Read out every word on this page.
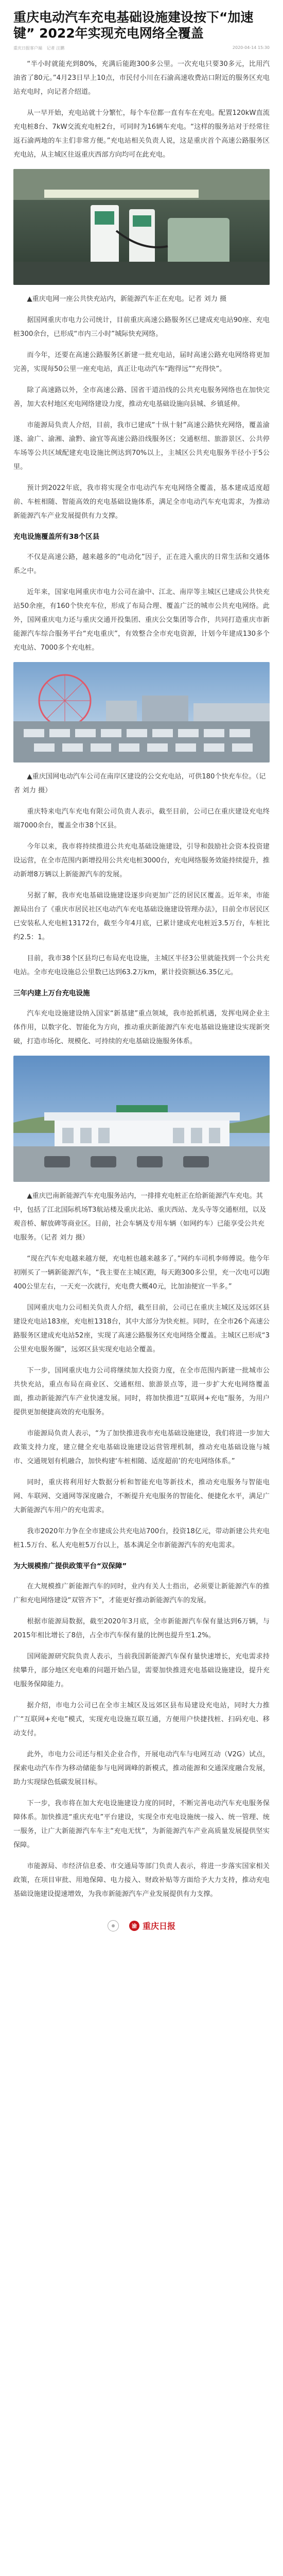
重庆电动汽车充电基础设施建设按下“加速键” 2022年实现充电网络全覆盖
重庆日报客户端 记者 汪鹏	2020-04-14 15:30

“半小时就能充到80%，充满后能跑300多公里。一次充电只要30多元，比用汽油省了80元。”4月23日早上10点，市民付小川在石渝高速收费站口附近的服务区充电站充电时，向记者介绍道。

从一早开始，充电站就十分繁忙，每个车位都一直有车在充电。配置120kW直流充电桩8台、7kW交流充电桩2台，可同时为16辆车充电。“这样的服务站对于经常往返石渝两地的车主们非常方便。”充电站相关负责人说，这是重庆首个高速公路服务区充电站，从主城区往返重庆西部方向均可在此充电。

▲重庆电网一座公共快充站内，新能源汽车正在充电。记者 刘力 摄

据国网重庆市电力公司统计，目前重庆高速公路服务区已建成充电站90座、充电桩300余台，已形成“市内三小时”城际快充网络。

而今年，还要在高速公路服务区新建一批充电站，届时高速公路充电网络将更加完善，实现每50公里一座充电站，真正让电动汽车“跑得远”“充得快”。

除了高速路以外，全市高速公路、国省干道沿线的公共充电服务网络也在加快完善，加大农村地区充电网络建设力度，推动充电基础设施向县城、乡镇延伸。

市能源局负责人介绍，目前，我市已建成“十纵十射”高速公路快充网络，覆盖渝遂、渝广、渝湘、渝黔、渝宜等高速公路沿线服务区；交通枢纽、旅游景区、公共停车场等公共区域配建充电设施比例达到70%以上，主城区公共充电服务半径小于5公里。

预计到2022年底，我市将实现全市电动汽车充电网络全覆盖，基本建成适度超前、车桩相随、智能高效的充电基础设施体系，满足全市电动汽车充电需求，为推动新能源汽车产业发展提供有力支撑。

充电设施覆盖所有38个区县

不仅是高速公路，越来越多的“电动化”因子，正在进入重庆的日常生活和交通体系之中。

近年来，国家电网重庆市电力公司在渝中、江北、南岸等主城区已建成公共快充站50余座，有160个快充车位，形成了布局合理、覆盖广泛的城市公共充电网络。此外，国网重庆电力还与重庆交通开投集团、重庆公交集团等合作，共同打造重庆市新能源汽车综合服务平台“充电重庆”，有效整合全市充电资源，计划今年建成130多个充电站、7000多个充电桩。

▲重庆国网电动汽车公司在南岸区建设的公交充电站，可供180个快充车位。（记者 刘力 摄）

重庆特来电汽车充电有限公司负责人表示，截至目前，公司已在重庆建设充电终端7000余台，覆盖全市38个区县。

今年以来，我市将持续推进公共充电基础设施建设，引导和鼓励社会资本投资建设运营，在全市范围内新增投用公共充电桩3000台，充电网络服务效能持续提升，推动新增8万辆以上新能源汽车的发展。

另据了解，我市充电基础设施建设逐步向更加广泛的居民区覆盖。近年来，市能源局出台了《重庆市居民社区电动汽车充电基础设施建设管理办法》，目前全市居民区已安装私人充电桩13172台，截至今年4月底，已累计建成充电桩近3.5万台，车桩比约2.5：1。

目前，我市38个区县均已布局充电设施，主城区半径3公里就能找到一个公共充电站。全市充电设施总公里数已达到63.2万km，累计投资额达6.35亿元。

三年内建上万台充电设施

汽车充电设施建设纳入国家“新基建”重点领域，我市抢抓机遇，发挥电网企业主体作用，以数字化、智能化为方向，推动重庆新能源汽车充电基础设施建设实现新突破，打造市场化、规模化、可持续的充电基础设施服务体系。

▲重庆巴南新能源汽车充电服务站内，一排排充电桩正在给新能源汽车充电。其中，包括了江北国际机场T3航站楼及重庆北站、重庆西站、龙头寺等交通枢纽，以及观音桥、解放碑等商业区。目前，社会车辆及专用车辆（如网约车）已能享受公共充电服务。（记者 刘力 摄）

“现在汽车充电越来越方便，充电桩也越来越多了。”网约车司机李师傅说。他今年初刚买了一辆新能源汽车，“我主要在主城区跑，每天跑300多公里，充一次电可以跑400公里左右，一天充一次就行，充电费大概40元，比加油便宜一半多。”

国网重庆电力公司相关负责人介绍，截至目前，公司已在重庆主城区及远郊区县建设充电站183座，充电桩1318台，其中大部分为快充桩。同时，在全市26个高速公路服务区建成充电站52座，实现了高速公路服务区充电网络全覆盖。主城区已形成“3公里充电服务圈”，远郊区县实现充电站全覆盖。

下一步，国网重庆电力公司将继续加大投资力度，在全市范围内新建一批城市公共快充站，重点布局在商业区、交通枢纽、旅游景点等，进一步扩大充电网络覆盖面，推动新能源汽车产业快速发展。同时，将加快推进“互联网+充电”服务，为用户提供更加便捷高效的充电服务。

市能源局负责人表示，“为了加快推进我市充电基础设施建设，我们将进一步加大政策支持力度，建立健全充电基础设施建设运营管理机制，推动充电基础设施与城市、交通规划有机融合，加快构建‘车桩相随、适度超前’的充电网络体系。”

同时，重庆将利用好大数据分析和智能充电等新技术，推动充电服务与智能电网、车联网、交通网等深度融合，不断提升充电服务的智能化、便捷化水平，满足广大新能源汽车用户的充电需求。

我市2020年力争在全市建成公共充电站700台，投资18亿元，带动新建公共充电桩1.5万台、私人充电桩5万台以上，基本满足全市新能源汽车的充电需求。

为大规模推广提供政策平台“双保障”

在大规模推广新能源汽车的同时，业内有关人士指出，必须要让新能源汽车的推广和充电网络建设“双管齐下”，才能更好推动新能源汽车的发展。

根据市能源局数据，截至2020年3月底，全市新能源汽车保有量达到6万辆，与2015年相比增长了8倍，占全市汽车保有量的比例也提升至1.2%。

国网能源研究院负责人表示，当前我国新能源汽车保有量快速增长，充电需求持续攀升，部分地区充电难的问题开始凸显，需要加快推进充电基础设施建设，提升充电服务保障能力。

据介绍，市电力公司已在全市主城区及远郊区县布局建设充电站，同时大力推广“互联网+充电”模式，实现充电设施互联互通，方便用户快捷找桩、扫码充电、移动支付。

此外，市电力公司还与相关企业合作，开展电动汽车与电网互动（V2G）试点，探索电动汽车作为移动储能参与电网调峰的新模式，推动能源和交通深度融合发展，助力实现绿色低碳发展目标。

下一步，我市将在加大充电设施建设力度的同时，不断完善电动汽车充电服务保障体系。加快推进“重庆充电”平台建设，实现全市充电设施统一接入、统一管理、统一服务，让广大新能源汽车车主“充电无忧”，为新能源汽车产业高质量发展提供坚实保障。

市能源局、市经济信息委、市交通局等部门负责人表示，将进一步落实国家相关政策，在项目审批、用地保障、电力接入、财政补贴等方面给予大力支持，推动充电基础设施建设提速增效，为我市新能源汽车产业发展提供有力支撑。

渝 重庆日报
